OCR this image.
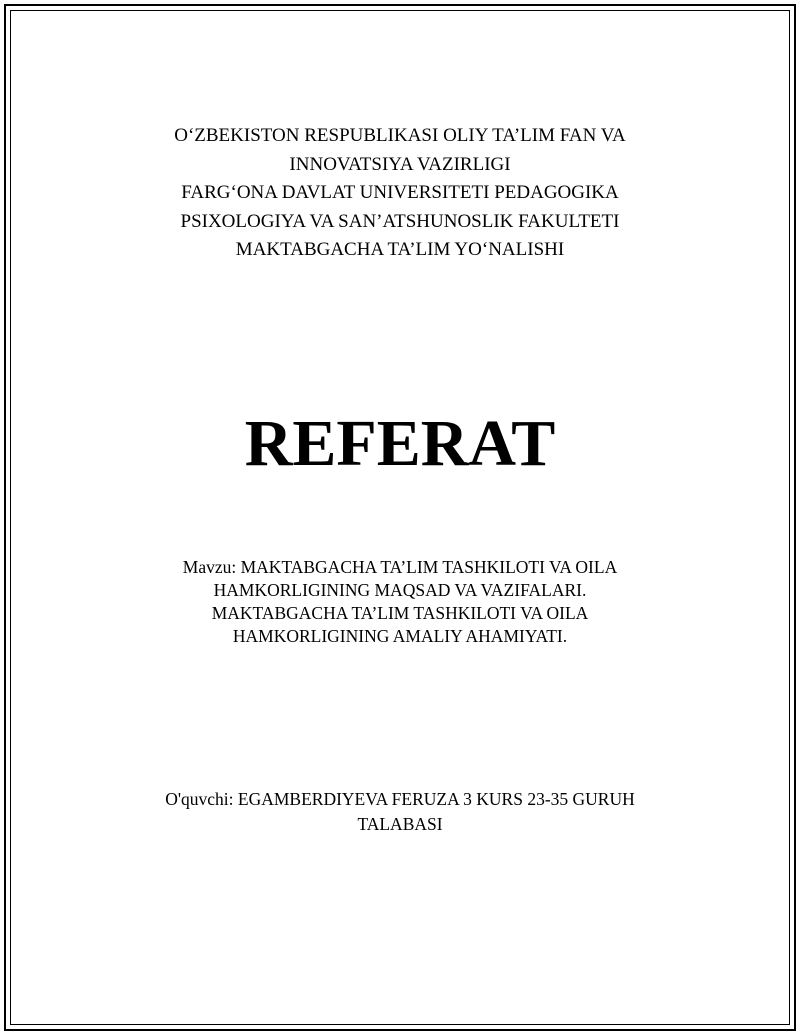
O‘ZBEKISTON RESPUBLIKASI OLIY TA’LIM FAN VA
INNOVATSIYA VAZIRLIGI
FARG‘ONA DAVLAT UNIVERSITETI PEDAGOGIKA
PSIXOLOGIYA VA SAN’ATSHUNOSLIK FAKULTETI
MAKTABGACHA TA’LIM YO‘NALISHI
REFERAT
Mavzu: MAKTABGACHA TA’LIM TASHKILOTI VA OILA
HAMKORLIGINING MAQSAD VA VAZIFALARI.
MAKTABGACHA TA’LIM TASHKILOTI VA OILA
HAMKORLIGINING AMALIY AHAMIYATI.
O'quvchi: EGAMBERDIYEVA FERUZA 3 KURS 23-35 GURUH
TALABASI
